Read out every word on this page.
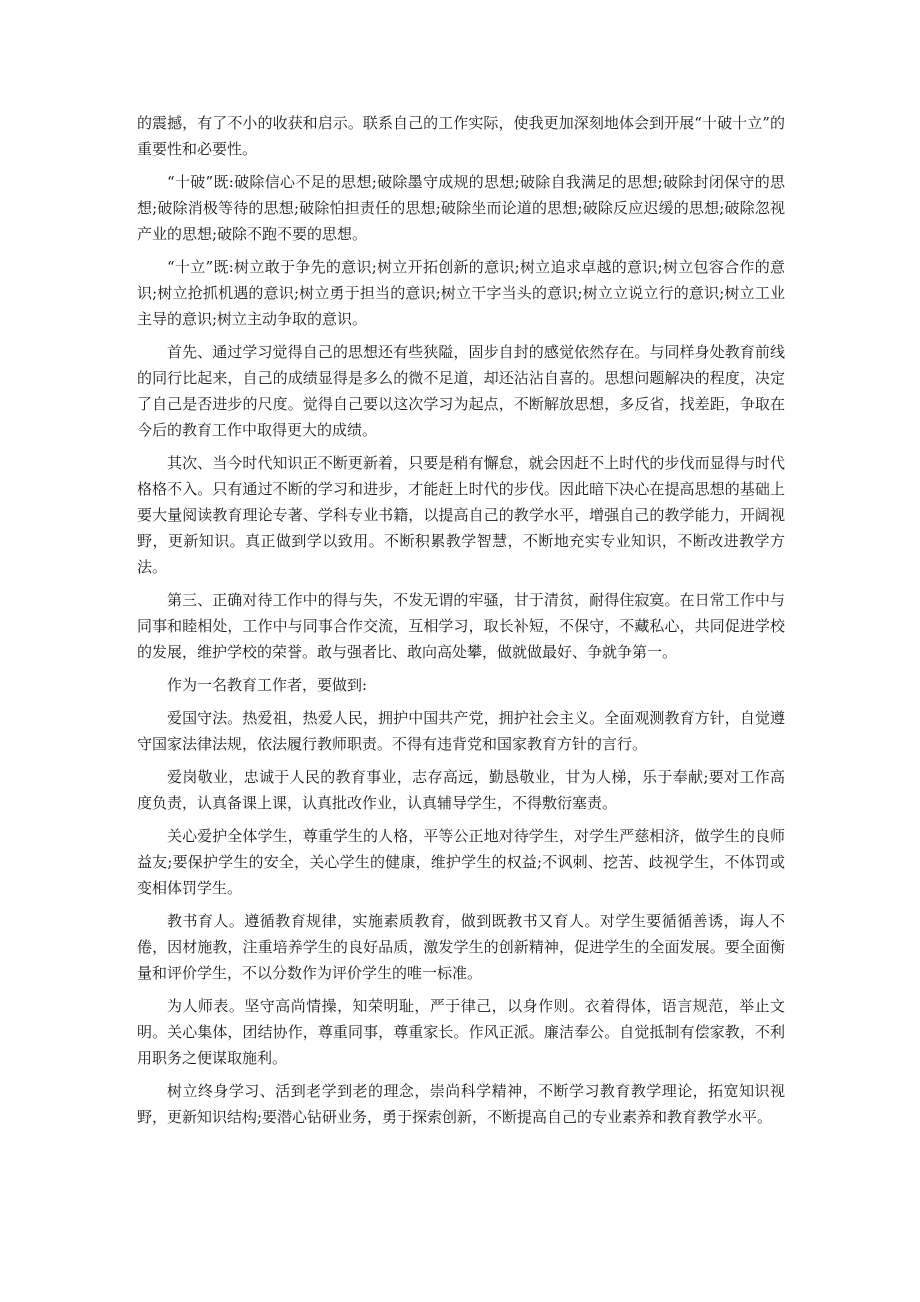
的震撼，有了不小的收获和启示。联系自己的工作实际，使我更加深刻地体会到开展“十破十立”的重要性和必要性。

“十破”既:破除信心不足的思想;破除墨守成规的思想;破除自我满足的思想;破除封闭保守的思想;破除消极等待的思想;破除怕担责任的思想;破除坐而论道的思想;破除反应迟缓的思想;破除忽视产业的思想;破除不跑不要的思想。

“十立”既:树立敢于争先的意识;树立开拓创新的意识;树立追求卓越的意识;树立包容合作的意识;树立抢抓机遇的意识;树立勇于担当的意识;树立干字当头的意识;树立立说立行的意识;树立工业主导的意识;树立主动争取的意识。

首先、通过学习觉得自己的思想还有些狭隘，固步自封的感觉依然存在。与同样身处教育前线的同行比起来，自己的成绩显得是多么的微不足道，却还沾沾自喜的。思想问题解决的程度，决定了自己是否进步的尺度。觉得自己要以这次学习为起点，不断解放思想，多反省，找差距，争取在今后的教育工作中取得更大的成绩。

其次、当今时代知识正不断更新着，只要是稍有懈怠，就会因赶不上时代的步伐而显得与时代格格不入。只有通过不断的学习和进步，才能赶上时代的步伐。因此暗下决心在提高思想的基础上要大量阅读教育理论专著、学科专业书籍，以提高自己的教学水平，增强自己的教学能力，开阔视野，更新知识。真正做到学以致用。不断积累教学智慧，不断地充实专业知识，不断改进教学方法。

第三、正确对待工作中的得与失，不发无谓的牢骚，甘于清贫，耐得住寂寞。在日常工作中与同事和睦相处，工作中与同事合作交流，互相学习，取长补短，不保守，不藏私心，共同促进学校的发展，维护学校的荣誉。敢与强者比、敢向高处攀，做就做最好、争就争第一。

作为一名教育工作者，要做到:

爱国守法。热爱祖，热爱人民，拥护中国共产党，拥护社会主义。全面观测教育方针，自觉遵守国家法律法规，依法履行教师职责。不得有违背党和国家教育方针的言行。

爱岗敬业，忠诚于人民的教育事业，志存高远，勤恳敬业，甘为人梯，乐于奉献;要对工作高度负责，认真备课上课，认真批改作业，认真辅导学生，不得敷衍塞责。

关心爱护全体学生，尊重学生的人格，平等公正地对待学生，对学生严慈相济，做学生的良师益友;要保护学生的安全，关心学生的健康，维护学生的权益;不讽刺、挖苦、歧视学生，不体罚或变相体罚学生。

教书育人。遵循教育规律，实施素质教育，做到既教书又育人。对学生要循循善诱，诲人不倦，因材施教，注重培养学生的良好品质，激发学生的创新精神，促进学生的全面发展。要全面衡量和评价学生，不以分数作为评价学生的唯一标准。

为人师表。坚守高尚情操，知荣明耻，严于律己，以身作则。衣着得体，语言规范，举止文明。关心集体，团结协作，尊重同事，尊重家长。作风正派。廉洁奉公。自觉抵制有偿家教，不利用职务之便谋取施利。

树立终身学习、活到老学到老的理念，崇尚科学精神，不断学习教育教学理论，拓宽知识视野，更新知识结构;要潜心钻研业务，勇于探索创新，不断提高自己的专业素养和教育教学水平。
